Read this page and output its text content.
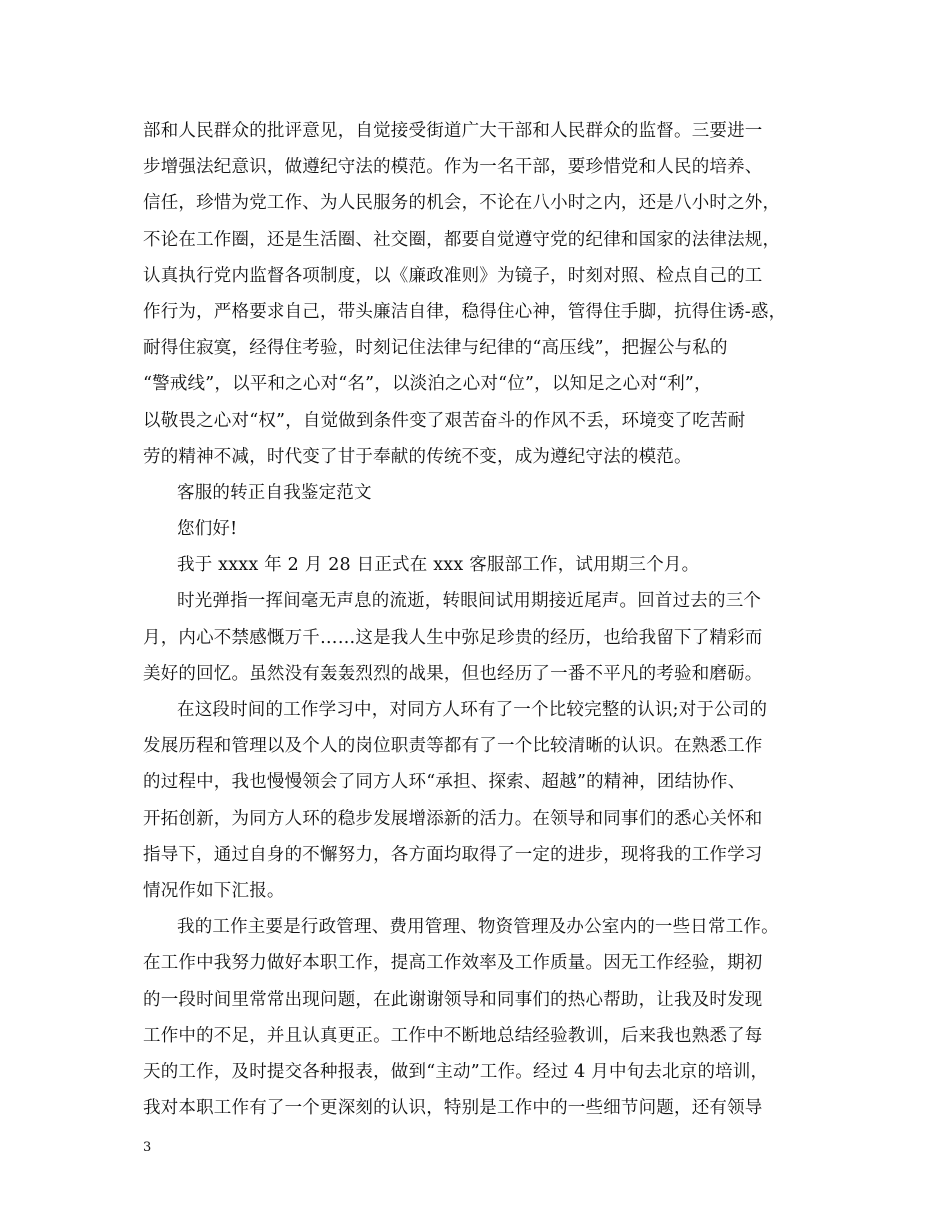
部和人民群众的批评意见，自觉接受街道广大干部和人民群众的监督。三要进一
步增强法纪意识，做遵纪守法的模范。作为一名干部，要珍惜党和人民的培养、
信任，珍惜为党工作、为人民服务的机会，不论在八小时之内，还是八小时之外，
不论在工作圈，还是生活圈、社交圈，都要自觉遵守党的纪律和国家的法律法规，
认真执行党内监督各项制度，以《廉政准则》为镜子，时刻对照、检点自己的工
作行为，严格要求自己，带头廉洁自律，稳得住心神，管得住手脚，抗得住诱-惑，
耐得住寂寞，经得住考验，时刻记住法律与纪律的“高压线”，把握公与私的
“警戒线”，以平和之心对“名”，以淡泊之心对“位”，以知足之心对“利”，
以敬畏之心对“权”，自觉做到条件变了艰苦奋斗的作风不丢，环境变了吃苦耐
劳的精神不减，时代变了甘于奉献的传统不变，成为遵纪守法的模范。
客服的转正自我鉴定范文
您们好!
我于 xxxx 年 2 月 28 日正式在 xxx 客服部工作，试用期三个月。
时光弹指一挥间毫无声息的流逝，转眼间试用期接近尾声。回首过去的三个
月，内心不禁感慨万千……这是我人生中弥足珍贵的经历，也给我留下了精彩而
美好的回忆。虽然没有轰轰烈烈的战果，但也经历了一番不平凡的考验和磨砺。
在这段时间的工作学习中，对同方人环有了一个比较完整的认识;对于公司的
发展历程和管理以及个人的岗位职责等都有了一个比较清晰的认识。在熟悉工作
的过程中，我也慢慢领会了同方人环“承担、探索、超越”的精神，团结协作、
开拓创新，为同方人环的稳步发展增添新的活力。在领导和同事们的悉心关怀和
指导下，通过自身的不懈努力，各方面均取得了一定的进步，现将我的工作学习
情况作如下汇报。
我的工作主要是行政管理、费用管理、物资管理及办公室内的一些日常工作。
在工作中我努力做好本职工作，提高工作效率及工作质量。因无工作经验，期初
的一段时间里常常出现问题，在此谢谢领导和同事们的热心帮助，让我及时发现
工作中的不足，并且认真更正。工作中不断地总结经验教训，后来我也熟悉了每
天的工作，及时提交各种报表，做到“主动”工作。经过 4 月中旬去北京的培训，
我对本职工作有了一个更深刻的认识，特别是工作中的一些细节问题，还有领导
3
